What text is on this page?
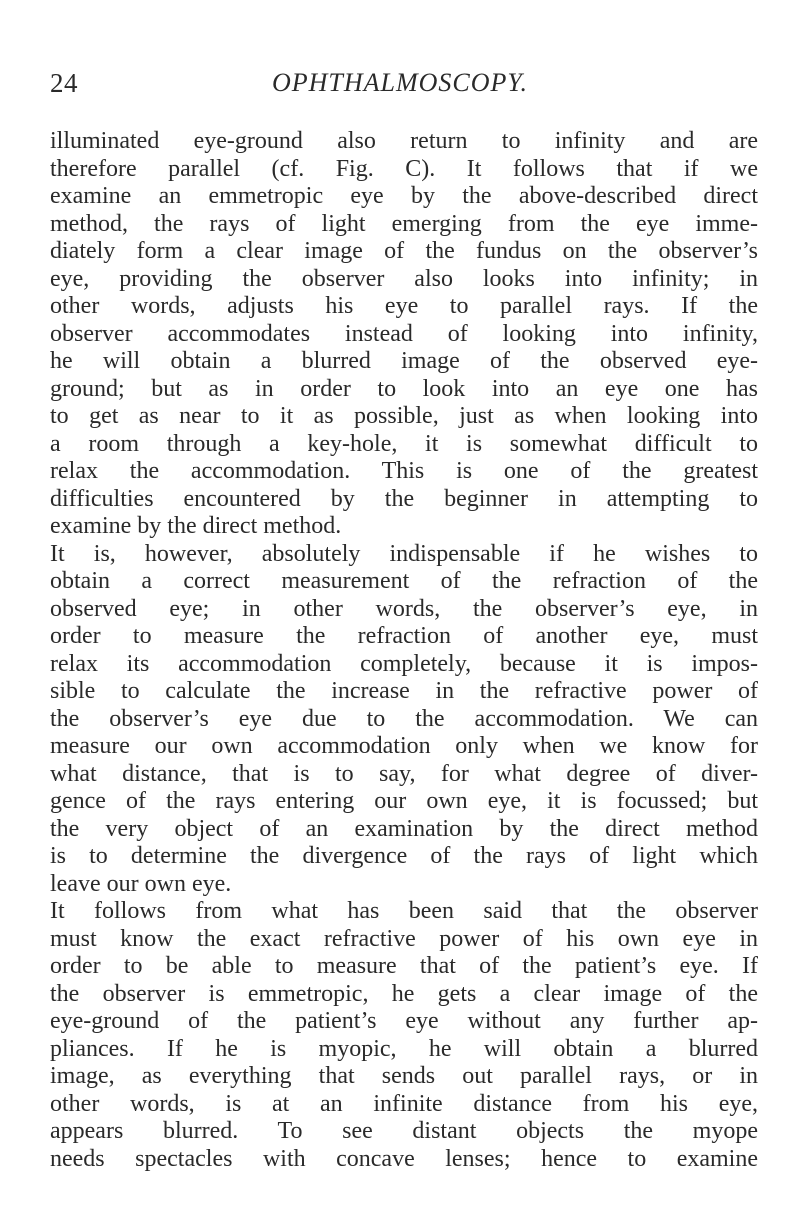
24	OPHTHALMOSCOPY.
illuminated eye-ground also return to infinity and are
therefore parallel (cf. Fig. C). It follows that if we
examine an emmetropic eye by the above-described direct
method, the rays of light emerging from the eye imme-
diately form a clear image of the fundus on the observer’s
eye, providing the observer also looks into infinity; in
other words, adjusts his eye to parallel rays. If the
observer accommodates instead of looking into infinity,
he will obtain a blurred image of the observed eye-
ground; but as in order to look into an eye one has
to get as near to it as possible, just as when looking into
a room through a key-hole, it is somewhat difficult to
relax the accommodation. This is one of the greatest
difficulties encountered by the beginner in attempting to
examine by the direct method.
It is, however, absolutely indispensable if he wishes to
obtain a correct measurement of the refraction of the
observed eye; in other words, the observer’s eye, in
order to measure the refraction of another eye, must
relax its accommodation completely, because it is impos-
sible to calculate the increase in the refractive power of
the observer’s eye due to the accommodation. We can
measure our own accommodation only when we know for
what distance, that is to say, for what degree of diver-
gence of the rays entering our own eye, it is focussed; but
the very object of an examination by the direct method
is to determine the divergence of the rays of light which
leave our own eye.
It follows from what has been said that the observer
must know the exact refractive power of his own eye in
order to be able to measure that of the patient’s eye. If
the observer is emmetropic, he gets a clear image of the
eye-ground of the patient’s eye without any further ap-
pliances. If he is myopic, he will obtain a blurred
image, as everything that sends out parallel rays, or in
other words, is at an infinite distance from his eye,
appears blurred. To see distant objects the myope
needs spectacles with concave lenses; hence to examine
